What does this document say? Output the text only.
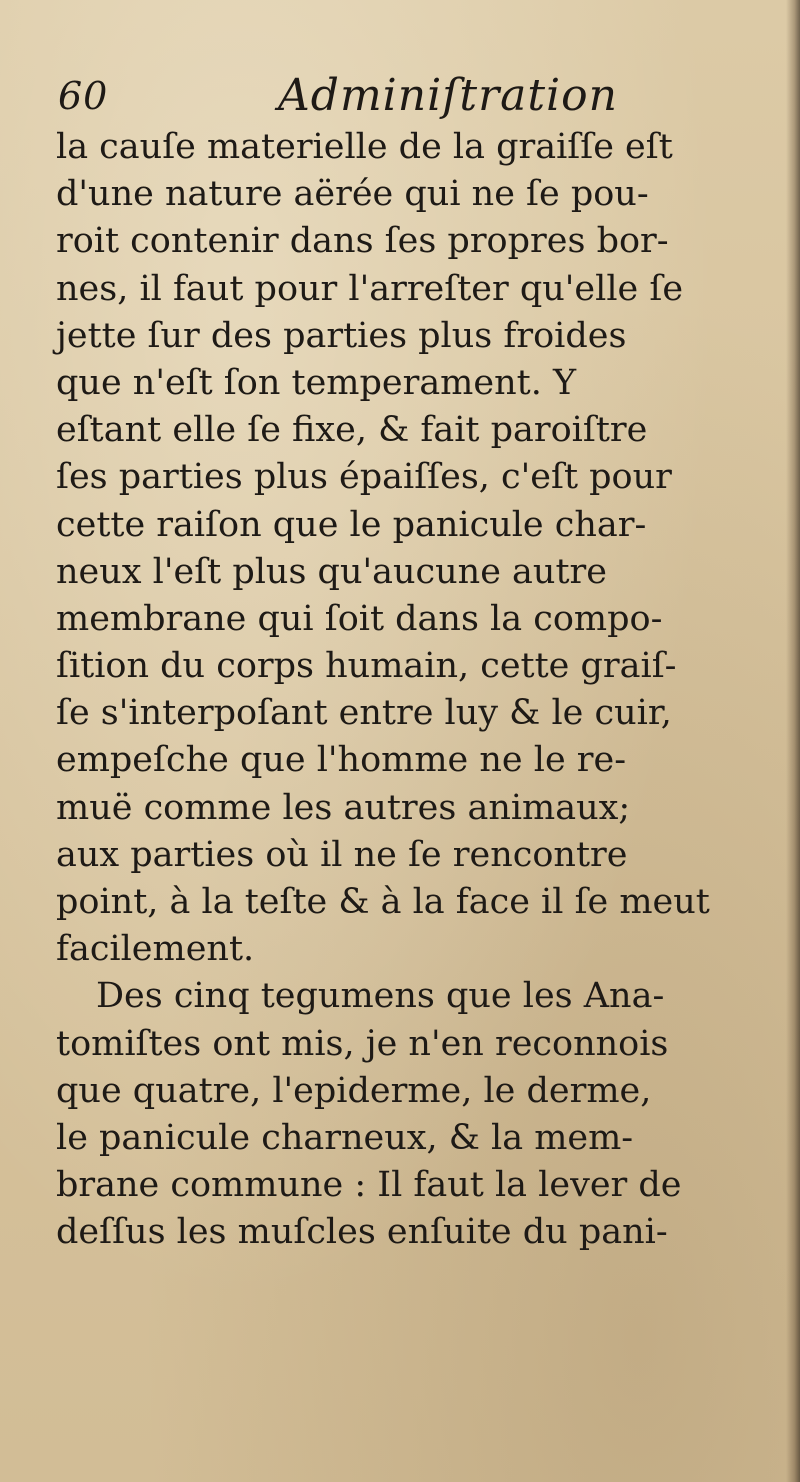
60	Adminiſtration
la cauſe materielle de la graiſſe eſt
d'une nature aërée qui ne ſe pou-
roit contenir dans ſes propres bor-
nes, il faut pour l'arreſter qu'elle ſe
jette ſur des parties plus froides
que n'eſt ſon temperament. Y
eſtant elle ſe fixe, & fait paroiſtre
ſes parties plus épaiſſes, c'eſt pour
cette raiſon que le panicule char-
neux l'eſt plus qu'aucune autre
membrane qui ſoit dans la compo-
ſition du corps humain, cette graiſ-
ſe s'interpoſant entre luy & le cuir,
empeſche que l'homme ne le re-
muë comme les autres animaux;
aux parties où il ne ſe rencontre
point, à la teſte & à la face il ſe meut
facilement.
Des cinq tegumens que les Ana-
tomiſtes ont mis, je n'en reconnois
que quatre, l'epiderme, le derme,
le panicule charneux, & la mem-
brane commune : Il faut la lever de
deſſus les muſcles enſuite du pani-
